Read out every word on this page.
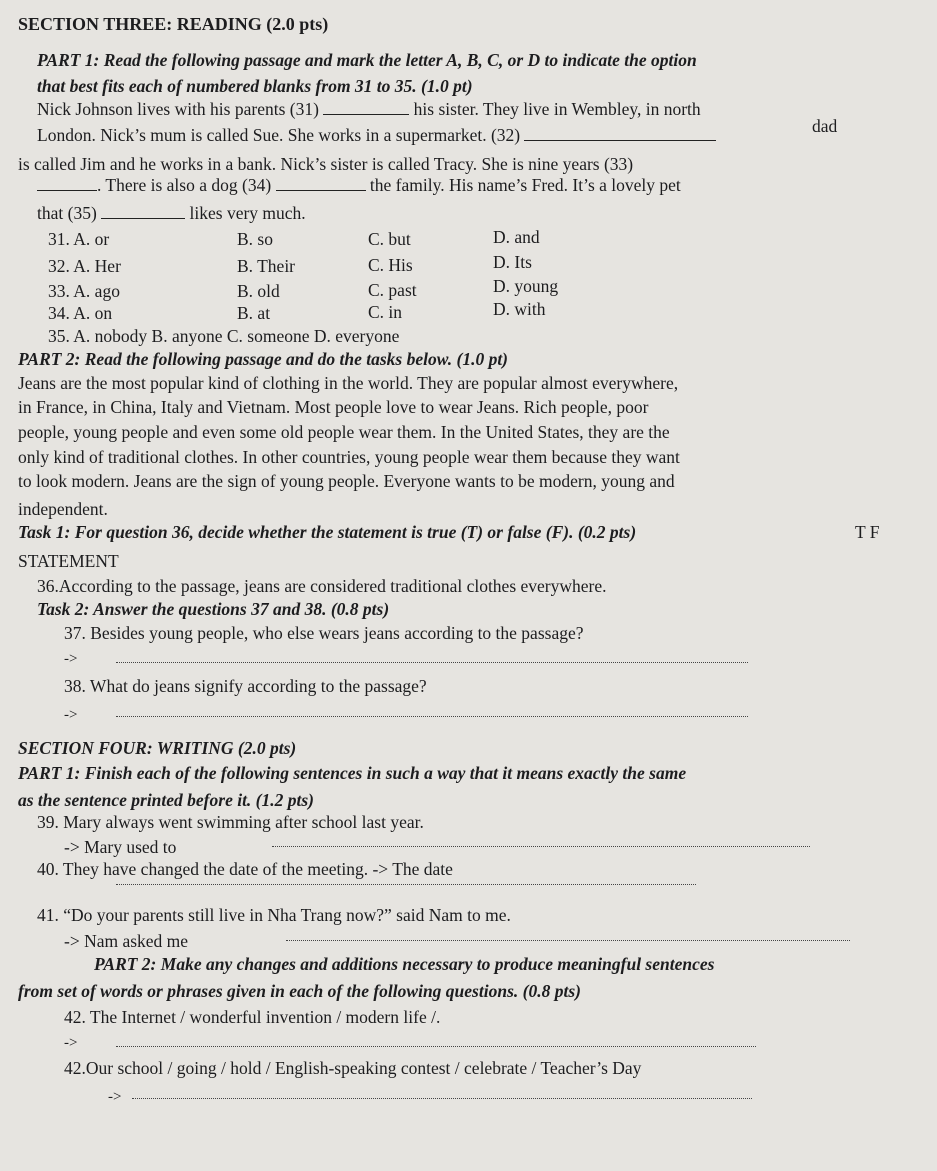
SECTION THREE: READING (2.0 pts)
PART 1: Read the following passage and mark the letter A, B, C, or D to indicate the option
that best fits each of numbered blanks from 31 to 35. (1.0 pt)
Nick Johnson lives with his parents (31)	his sister. They live in Wembley, in north
London. Nick’s mum is called Sue. She works in a supermarket. (32)	dad
is called Jim and he works in a bank. Nick’s sister is called Tracy. She is nine years (33)
. There is also a dog (34)	the family. His name’s Fred. It’s a lovely pet
that (35)	likes very much.
31. A. or	B. so	C. but	D. and
32. A. Her	B. Their	C. His	D. Its
33. A. ago	B. old	C. past	D. young
34. A. on	B. at	C. in	D. with
35. A. nobody B. anyone C. someone D. everyone
PART 2: Read the following passage and do the tasks below. (1.0 pt)
Jeans are the most popular kind of clothing in the world. They are popular almost everywhere,
in France, in China, Italy and Vietnam. Most people love to wear Jeans. Rich people, poor
people, young people and even some old people wear them. In the United States, they are the
only kind of traditional clothes. In other countries, young people wear them because they want
to look modern. Jeans are the sign of young people. Everyone wants to be modern, young and
independent.
Task 1: For question 36, decide whether the statement is true (T) or false (F). (0.2 pts)	T F
STATEMENT
36.According to the passage, jeans are considered traditional clothes everywhere.
Task 2: Answer the questions 37 and 38. (0.8 pts)
37. Besides young people, who else wears jeans according to the passage?
->
38. What do jeans signify according to the passage?
->
SECTION FOUR: WRITING (2.0 pts)
PART 1: Finish each of the following sentences in such a way that it means exactly the same
as the sentence printed before it. (1.2 pts)
39. Mary always went swimming after school last year.
-> Mary used to
40. They have changed the date of the meeting. -> The date
41. “Do your parents still live in Nha Trang now?” said Nam to me.
-> Nam asked me
PART 2: Make any changes and additions necessary to produce meaningful sentences
from set of words or phrases given in each of the following questions. (0.8 pts)
42. The Internet / wonderful invention / modern life /.
->
42.Our school / going / hold / English-speaking contest / celebrate / Teacher’s Day
->
